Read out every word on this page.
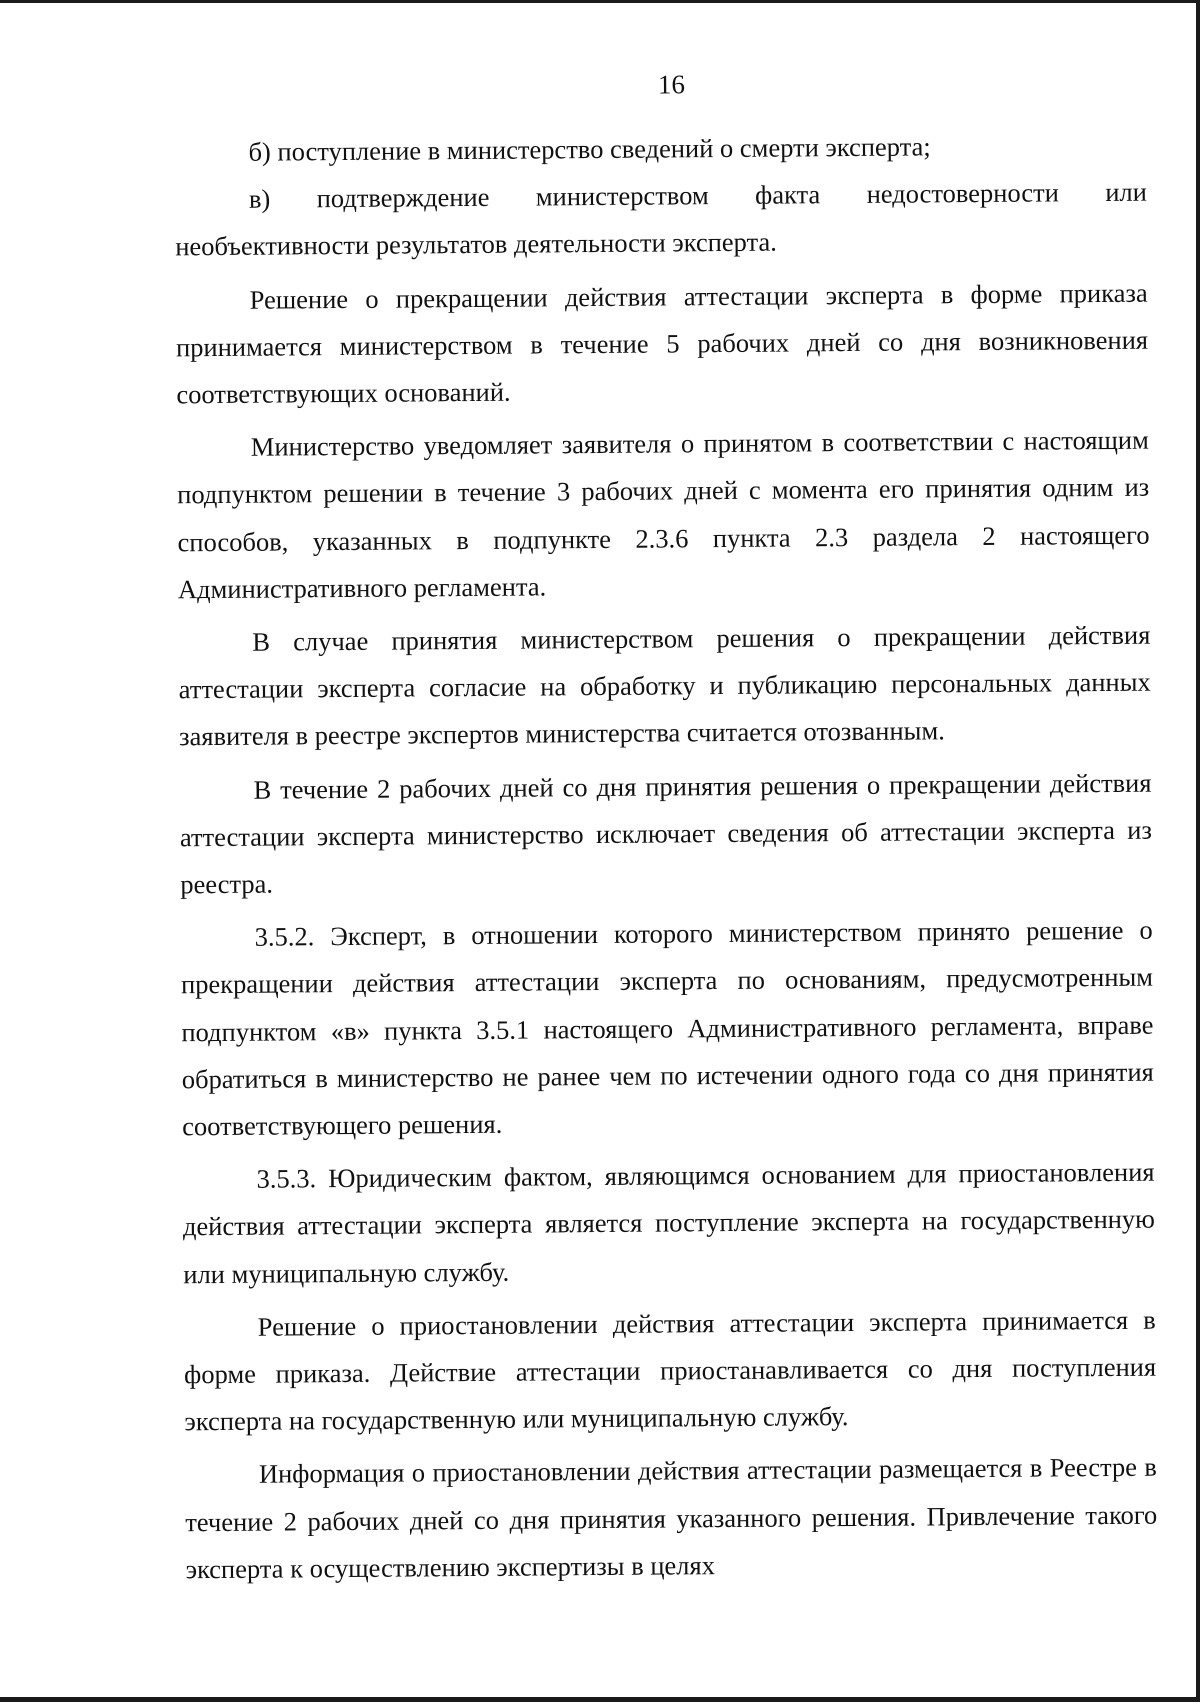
16

б) поступление в министерство сведений о смерти эксперта;

в) подтверждение министерством факта недостоверности или необъективности результатов деятельности эксперта.

Решение о прекращении действия аттестации эксперта в форме приказа принимается министерством в течение 5 рабочих дней со дня возникновения соответствующих оснований.

Министерство уведомляет заявителя о принятом в соответствии с настоящим подпунктом решении в течение 3 рабочих дней с момента его принятия одним из способов, указанных в подпункте 2.3.6 пункта 2.3 раздела 2 настоящего Административного регламента.

В случае принятия министерством решения о прекращении действия аттестации эксперта согласие на обработку и публикацию персональных данных заявителя в реестре экспертов министерства считается отозванным.

В течение 2 рабочих дней со дня принятия решения о прекращении действия аттестации эксперта министерство исключает сведения об аттестации эксперта из реестра.

3.5.2. Эксперт, в отношении которого министерством принято решение о прекращении действия аттестации эксперта по основаниям, предусмотренным подпунктом «в» пункта 3.5.1 настоящего Административного регламента, вправе обратиться в министерство не ранее чем по истечении одного года со дня принятия соответствующего решения.

3.5.3. Юридическим фактом, являющимся основанием для приостановления действия аттестации эксперта является поступление эксперта на государственную или муниципальную службу.

Решение о приостановлении действия аттестации эксперта принимается в форме приказа. Действие аттестации приостанавливается со дня поступления эксперта на государственную или муниципальную службу.

Информация о приостановлении действия аттестации размещается в Реестре в течение 2 рабочих дней со дня принятия указанного решения. Привлечение такого эксперта к осуществлению экспертизы в целях
